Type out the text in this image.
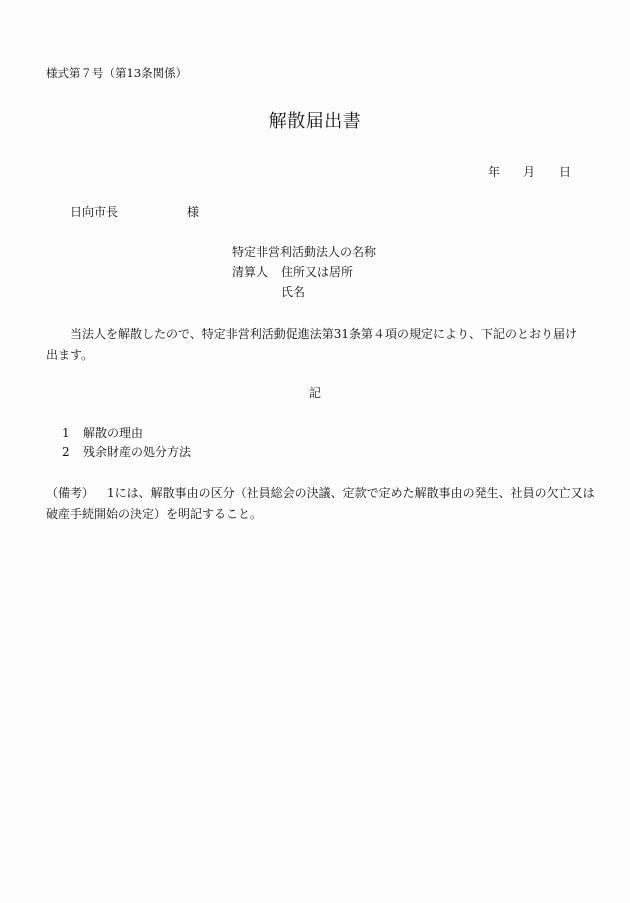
様式第７号（第13条関係）
解散届出書
年	月	日
日向市長	様
特定非営利活動法人の名称
清算人 住所又は居所
氏名
当法人を解散したので、特定非営利活動促進法第31条第４項の規定により、下記のとおり届け出ます。
記
1 解散の理由
2 残余財産の処分方法
（備考） 1には、解散事由の区分（社員総会の決議、定款で定めた解散事由の発生、社員の欠亡又は
破産手続開始の決定）を明記すること。
